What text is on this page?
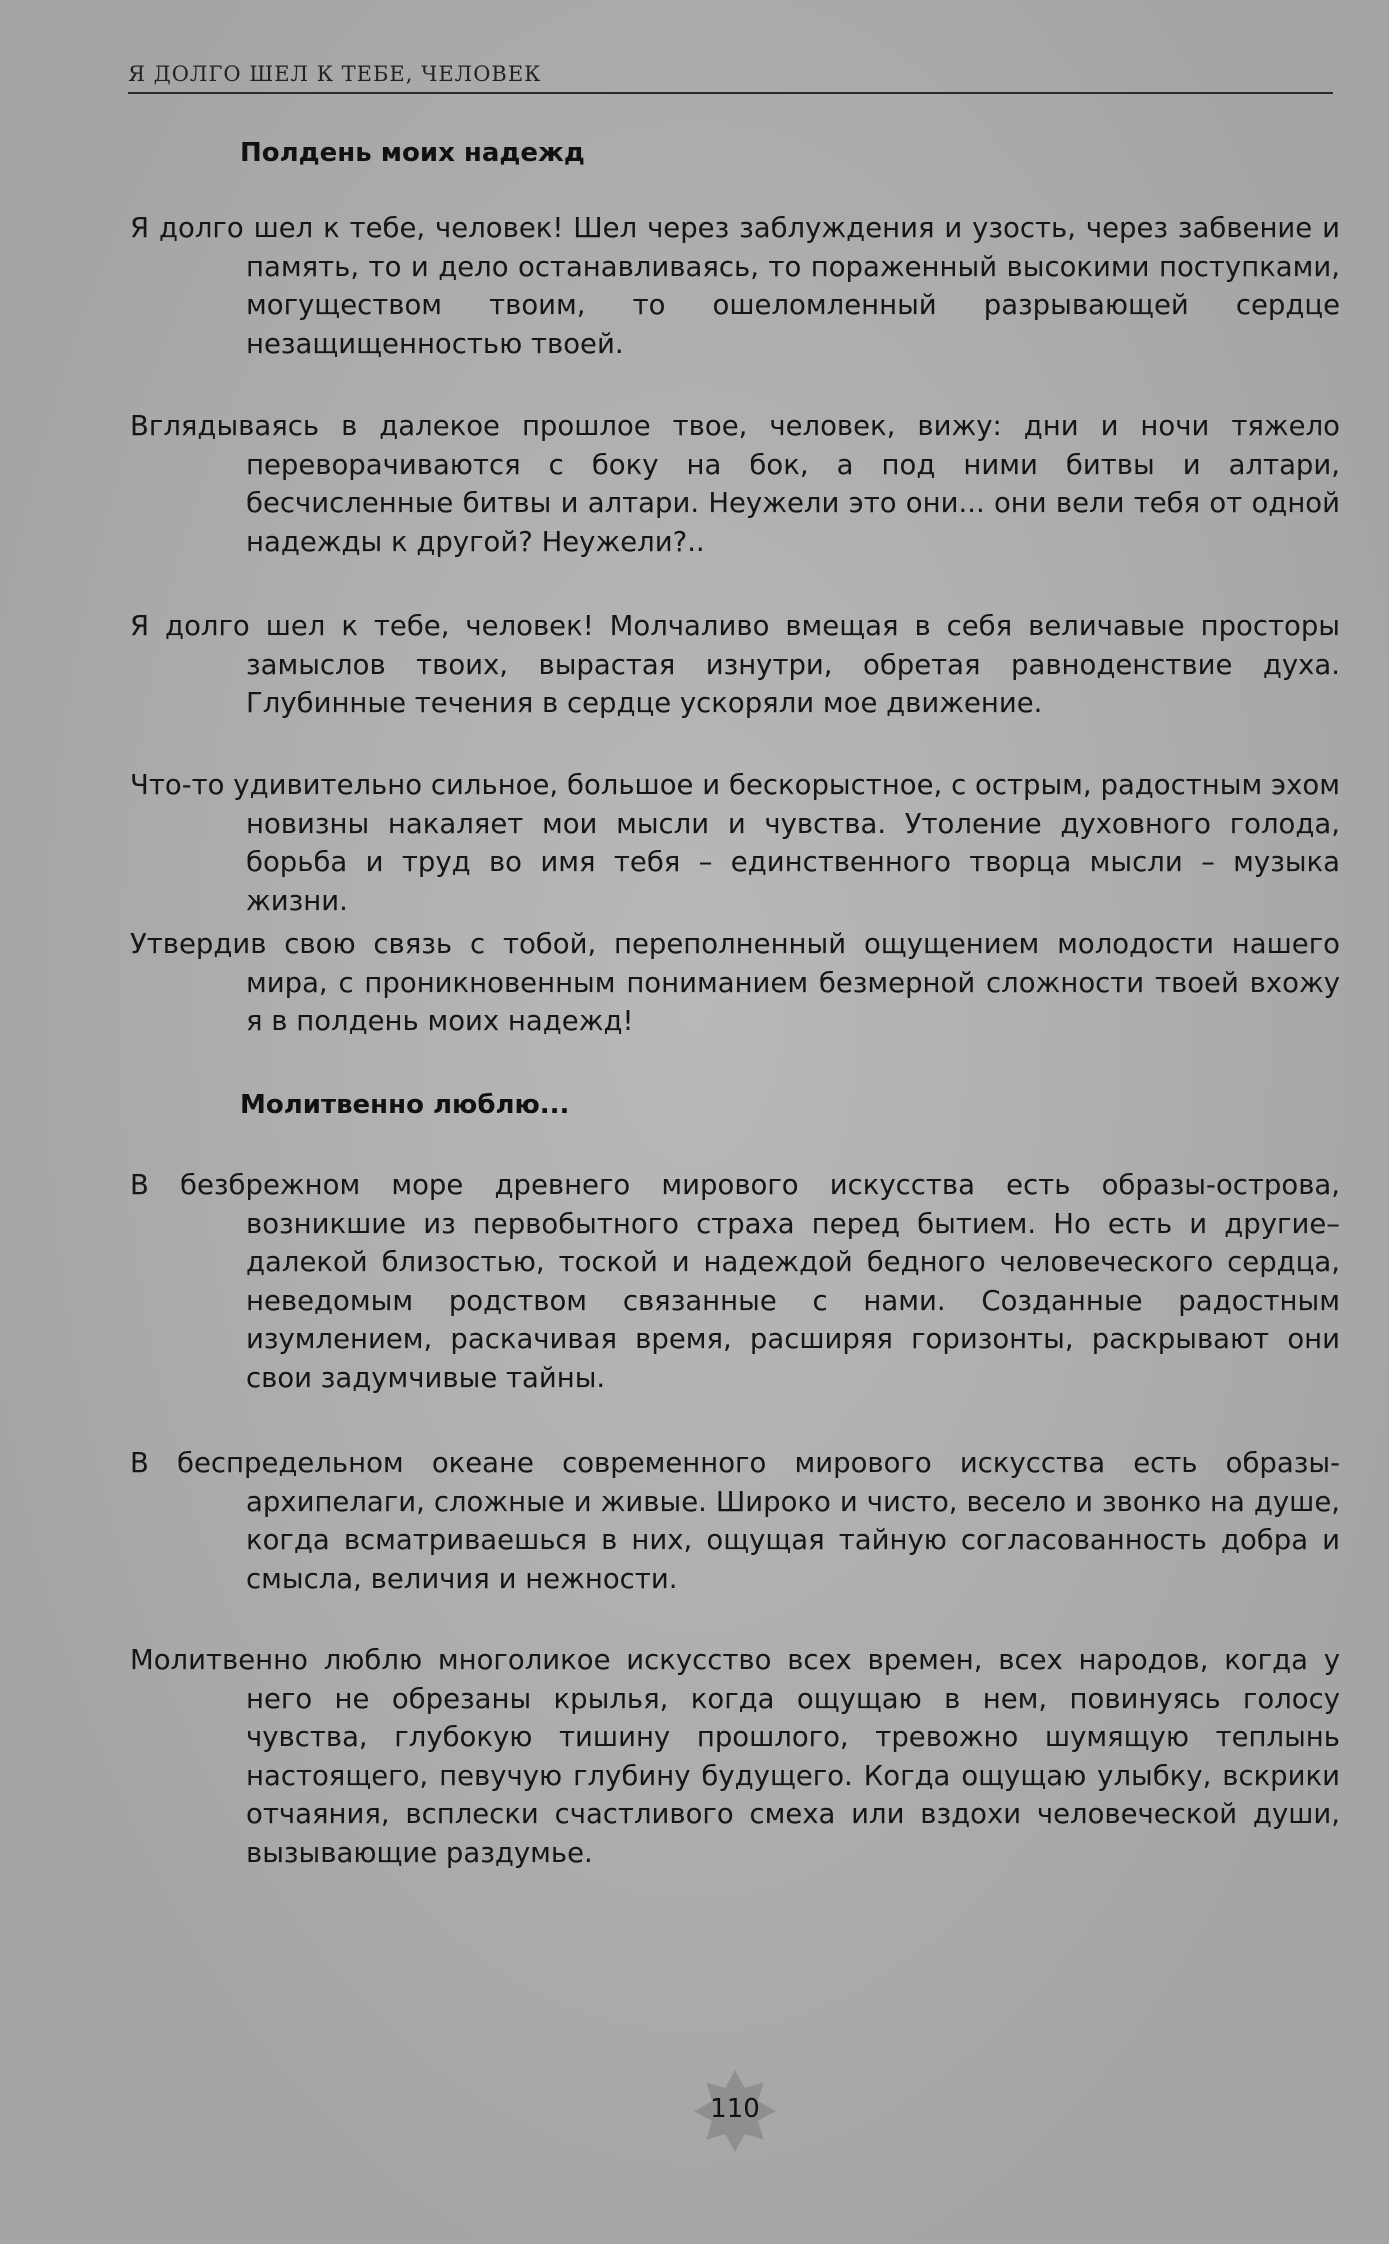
Я ДОЛГО ШЕЛ К ТЕБЕ, ЧЕЛОВЕК
Полдень моих надежд

Я долго шел к тебе, человек! Шел через заблуждения и узость, через забвение и память, то и дело останавливаясь, то пораженный высокими поступками, могуществом твоим, то ошеломленный разрывающей сердце незащищенностью твоей.

Вглядываясь в далекое прошлое твое, человек, вижу: дни и ночи тяжело переворачиваются с боку на бок, а под ними битвы и алтари, бесчисленные битвы и алтари. Неужели это они... они вели тебя от одной надежды к другой? Неужели?..

Я долго шел к тебе, человек! Молчаливо вмещая в себя величавые просторы замыслов твоих, вырастая изнутри, обретая равноденствие духа. Глубинные течения в сердце ускоряли мое движение.

Что-то удивительно сильное, большое и бескорыстное, с острым, радостным эхом новизны накаляет мои мысли и чувства. Утоление духовного голода, борьба и труд во имя тебя – единственного творца мысли – музыка жизни.

Утвердив свою связь с тобой, переполненный ощущением молодости нашего мира, с проникновенным пониманием безмерной сложности твоей вхожу я в полдень моих надежд!

Молитвенно люблю...

В безбрежном море древнего мирового искусства есть образы-острова, возникшие из первобытного страха перед бытием. Но есть и другие– далекой близостью, тоской и надеждой бедного человеческого сердца, неведомым родством связанные с нами. Созданные радостным изумлением, раскачивая время, расширяя горизонты, раскрывают они свои задумчивые тайны.

В беспредельном океане современного мирового искусства есть образы-архипелаги, сложные и живые. Широко и чисто, весело и звонко на душе, когда всматриваешься в них, ощущая тайную согласованность добра и смысла, величия и нежности.

Молитвенно люблю многоликое искусство всех времен, всех народов, когда у него не обрезаны крылья, когда ощущаю в нем, повинуясь голосу чувства, глубокую тишину прошлого, тревожно шумящую теплынь настоящего, певучую глубину будущего. Когда ощущаю улыбку, вскрики отчаяния, всплески счастливого смеха или вздохи человеческой души, вызывающие раздумье.

110
